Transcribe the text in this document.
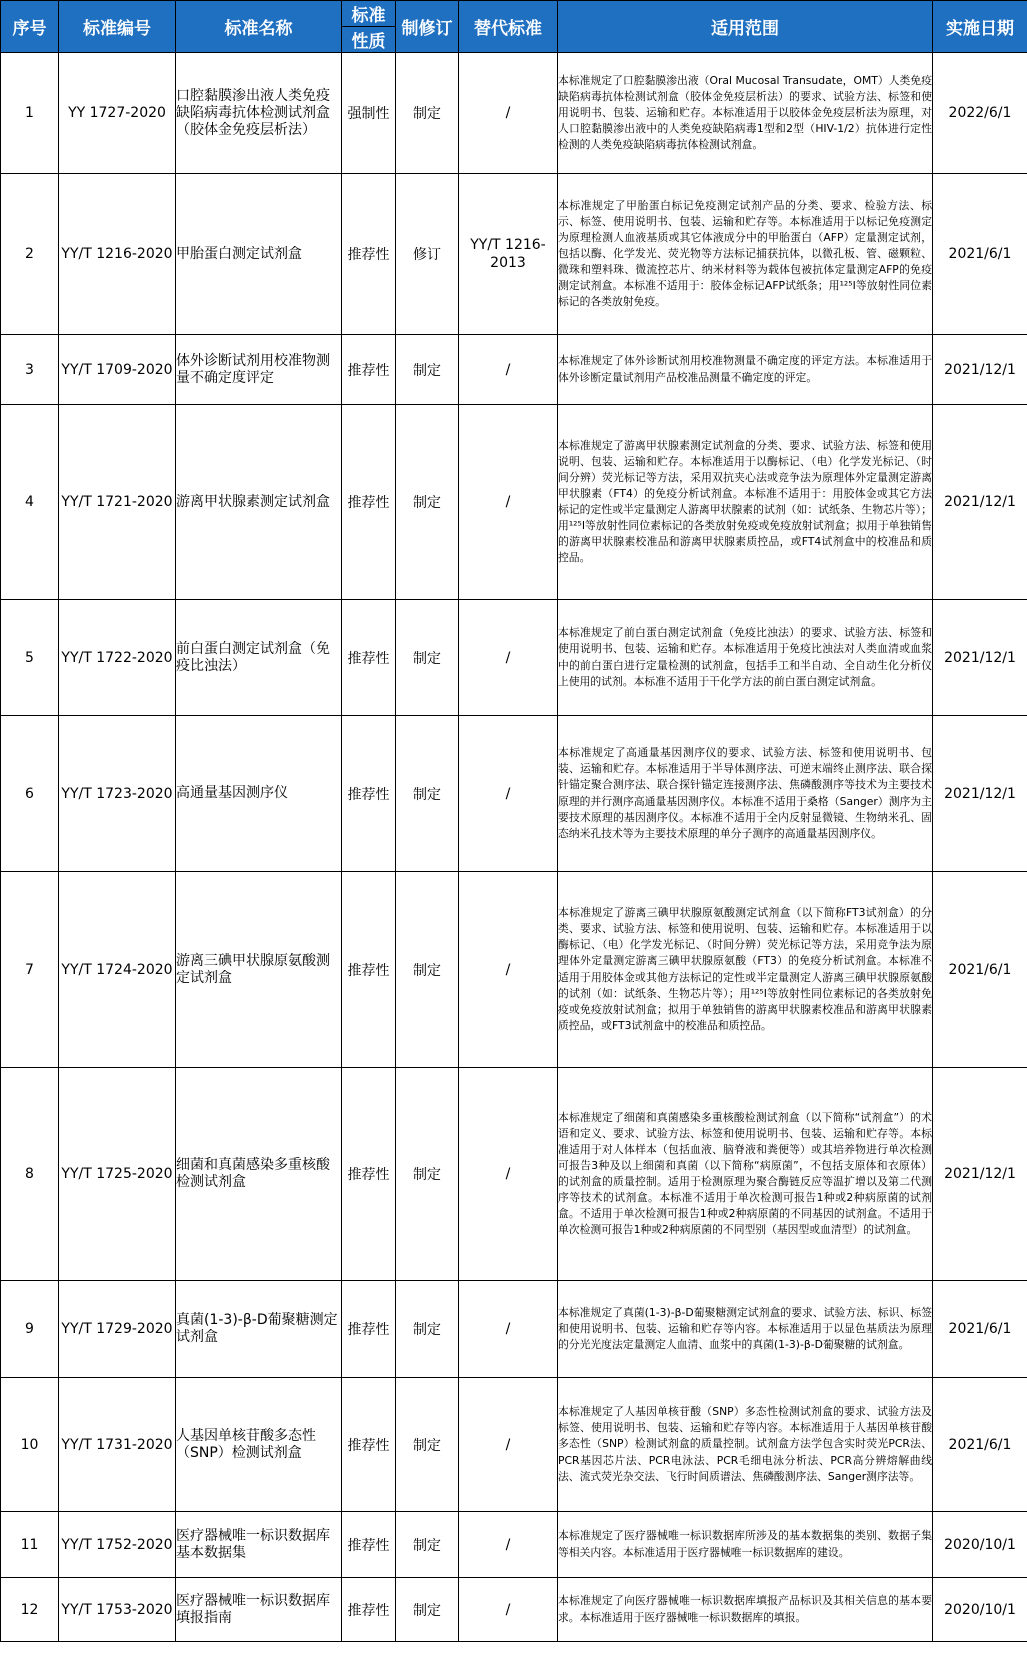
序号	标准编号	标准名称	标准	制修订	替代标准	适用范围	实施日期
			性质				
1	YY 1727-2020	口腔黏膜渗出液人类免疫缺陷病毒抗体检测试剂盒（胶体金免疫层析法）	强制性	制定	/	本标准规定了口腔黏膜渗出液（Oral Mucosal Transudate，OMT）人类免疫缺陷病毒抗体检测试剂盒（胶体金免疫层析法）的要求、试验方法、标签和使用说明书、包装、运输和贮存。本标准适用于以胶体金免疫层析法为原理，对人口腔黏膜渗出液中的人类免疫缺陷病毒1型和2型（HIV-1/2）抗体进行定性检测的人类免疫缺陷病毒抗体检测试剂盒。	2022/6/1
2	YY/T 1216-2020	甲胎蛋白测定试剂盒	推荐性	修订	YY/T 1216-2013	本标准规定了甲胎蛋白标记免疫测定试剂产品的分类、要求、检验方法、标示、标签、使用说明书、包装、运输和贮存等。本标准适用于以标记免疫测定为原理检测人血液基质或其它体液成分中的甲胎蛋白（AFP）定量测定试剂，包括以酶、化学发光、荧光物等方法标记捕获抗体，以微孔板、管、磁颗粒、微珠和塑料珠、微流控芯片、纳米材料等为载体包被抗体定量测定AFP的免疫测定试剂盒。本标准不适用于：胶体金标记AFP试纸条；用¹²⁵I等放射性同位素标记的各类放射免疫。	2021/6/1
3	YY/T 1709-2020	体外诊断试剂用校准物测量不确定度评定	推荐性	制定	/	本标准规定了体外诊断试剂用校准物测量不确定度的评定方法。本标准适用于体外诊断定量试剂用产品校准品测量不确定度的评定。	2021/12/1
4	YY/T 1721-2020	游离甲状腺素测定试剂盒	推荐性	制定	/	本标准规定了游离甲状腺素测定试剂盒的分类、要求、试验方法、标签和使用说明、包装、运输和贮存。本标准适用于以酶标记、（电）化学发光标记、（时间分辨）荧光标记等方法，采用双抗夹心法或竞争法为原理体外定量测定游离甲状腺素（FT4）的免疫分析试剂盒。本标准不适用于：用胶体金或其它方法标记的定性或半定量测定人游离甲状腺素的试剂（如：试纸条、生物芯片等）；用¹²⁵I等放射性同位素标记的各类放射免疫或免疫放射试剂盒；拟用于单独销售的游离甲状腺素校准品和游离甲状腺素质控品，或FT4试剂盒中的校准品和质控品。	2021/12/1
5	YY/T 1722-2020	前白蛋白测定试剂盒（免疫比浊法）	推荐性	制定	/	本标准规定了前白蛋白测定试剂盒（免疫比浊法）的要求、试验方法、标签和使用说明书、包装、运输和贮存。本标准适用于免疫比浊法对人类血清或血浆中的前白蛋白进行定量检测的试剂盒，包括手工和半自动、全自动生化分析仪上使用的试剂。本标准不适用于干化学方法的前白蛋白测定试剂盒。	2021/12/1
6	YY/T 1723-2020	高通量基因测序仪	推荐性	制定	/	本标准规定了高通量基因测序仪的要求、试验方法、标签和使用说明书、包装、运输和贮存。本标准适用于半导体测序法、可逆末端终止测序法、联合探针锚定聚合测序法、联合探针锚定连接测序法、焦磷酸测序等技术为主要技术原理的并行测序高通量基因测序仪。本标准不适用于桑格（Sanger）测序为主要技术原理的基因测序仪。本标准不适用于全内反射显微镜、生物纳米孔、固态纳米孔技术等为主要技术原理的单分子测序的高通量基因测序仪。	2021/12/1
7	YY/T 1724-2020	游离三碘甲状腺原氨酸测定试剂盒	推荐性	制定	/	本标准规定了游离三碘甲状腺原氨酸测定试剂盒（以下简称FT3试剂盒）的分类、要求、试验方法、标签和使用说明、包装、运输和贮存。本标准适用于以酶标记、（电）化学发光标记、（时间分辨）荧光标记等方法，采用竞争法为原理体外定量测定游离三碘甲状腺原氨酸（FT3）的免疫分析试剂盒。本标准不适用于用胶体金或其他方法标记的定性或半定量测定人游离三碘甲状腺原氨酸的试剂（如：试纸条、生物芯片等）；用¹²⁵I等放射性同位素标记的各类放射免疫或免疫放射试剂盒；拟用于单独销售的游离甲状腺素校准品和游离甲状腺素质控品，或FT3试剂盒中的校准品和质控品。	2021/6/1
8	YY/T 1725-2020	细菌和真菌感染多重核酸检测试剂盒	推荐性	制定	/	本标准规定了细菌和真菌感染多重核酸检测试剂盒（以下简称“试剂盒”）的术语和定义、要求、试验方法、标签和使用说明书、包装、运输和贮存等。本标准适用于对人体样本（包括血液、脑脊液和粪便等）或其培养物进行单次检测可报告3种及以上细菌和真菌（以下简称“病原菌”，不包括支原体和衣原体）的试剂盒的质量控制。适用于检测原理为聚合酶链反应等温扩增以及第二代测序等技术的试剂盒。本标准不适用于单次检测可报告1种或2种病原菌的试剂盒。不适用于单次检测可报告1种或2种病原菌的不同基因的试剂盒。不适用于单次检测可报告1种或2种病原菌的不同型别（基因型或血清型）的试剂盒。	2021/12/1
9	YY/T 1729-2020	真菌(1-3)-β-D葡聚糖测定试剂盒	推荐性	制定	/	本标准规定了真菌(1-3)-β-D葡聚糖测定试剂盒的要求、试验方法、标识、标签和使用说明书、包装、运输和贮存等内容。本标准适用于以显色基质法为原理的分光光度法定量测定人血清、血浆中的真菌(1-3)-β-D葡聚糖的试剂盒。	2021/6/1
10	YY/T 1731-2020	人基因单核苷酸多态性（SNP）检测试剂盒	推荐性	制定	/	本标准规定了人基因单核苷酸（SNP）多态性检测试剂盒的要求、试验方法及标签、使用说明书、包装、运输和贮存等内容。本标准适用于人基因单核苷酸多态性（SNP）检测试剂盒的质量控制。试剂盒方法学包含实时荧光PCR法、PCR基因芯片法、PCR电泳法、PCR毛细电泳分析法、PCR高分辨熔解曲线法、流式荧光杂交法、飞行时间质谱法、焦磷酸测序法、Sanger测序法等。	2021/6/1
11	YY/T 1752-2020	医疗器械唯一标识数据库基本数据集	推荐性	制定	/	本标准规定了医疗器械唯一标识数据库所涉及的基本数据集的类别、数据子集等相关内容。本标准适用于医疗器械唯一标识数据库的建设。	2020/10/1
12	YY/T 1753-2020	医疗器械唯一标识数据库填报指南	推荐性	制定	/	本标准规定了向医疗器械唯一标识数据库填报产品标识及其相关信息的基本要求。本标准适用于医疗器械唯一标识数据库的填报。	2020/10/1
